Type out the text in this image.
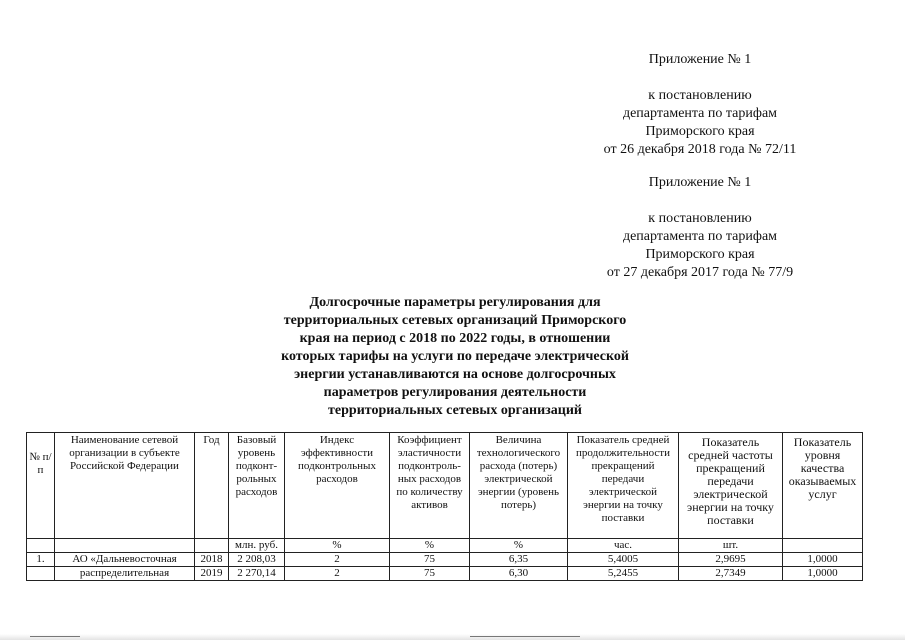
Приложение № 1
к постановлению
департамента по тарифам
Приморского края
от 26 декабря 2018 года № 72/11
Приложение № 1
к постановлению
департамента по тарифам
Приморского края
от 27 декабря 2017 года № 77/9
Долгосрочные параметры регулирования для
территориальных сетевых организаций Приморского
края на период с 2018 по 2022 годы, в отношении
которых тарифы на услуги по передаче электрической
энергии устанавливаются на основе долгосрочных
параметров регулирования деятельности
территориальных сетевых организаций
№ п/п	Наименование сетевой организации в субъекте Российской Федерации	Год	Базовый уровень подконт-рольных расходов	Индекс эффективности подконтрольных расходов	Коэффициент эластичности подконтроль-ных расходов по количеству активов	Величина технологического расхода (потерь) электрической энергии (уровень потерь)	Показатель средней продолжительности прекращений передачи электрической энергии на точку поставки	Показатель средней частоты прекращений передачи электрической энергии на точку поставки	Показатель уровня качества оказываемых услуг
			млн. руб.	%	%	%	час.	шт.	
1.	АО «Дальневосточная	2018	2 208,03	2	75	6,35	5,4005	2,9695	1,0000
	распределительная	2019	2 270,14	2	75	6,30	5,2455	2,7349	1,0000
